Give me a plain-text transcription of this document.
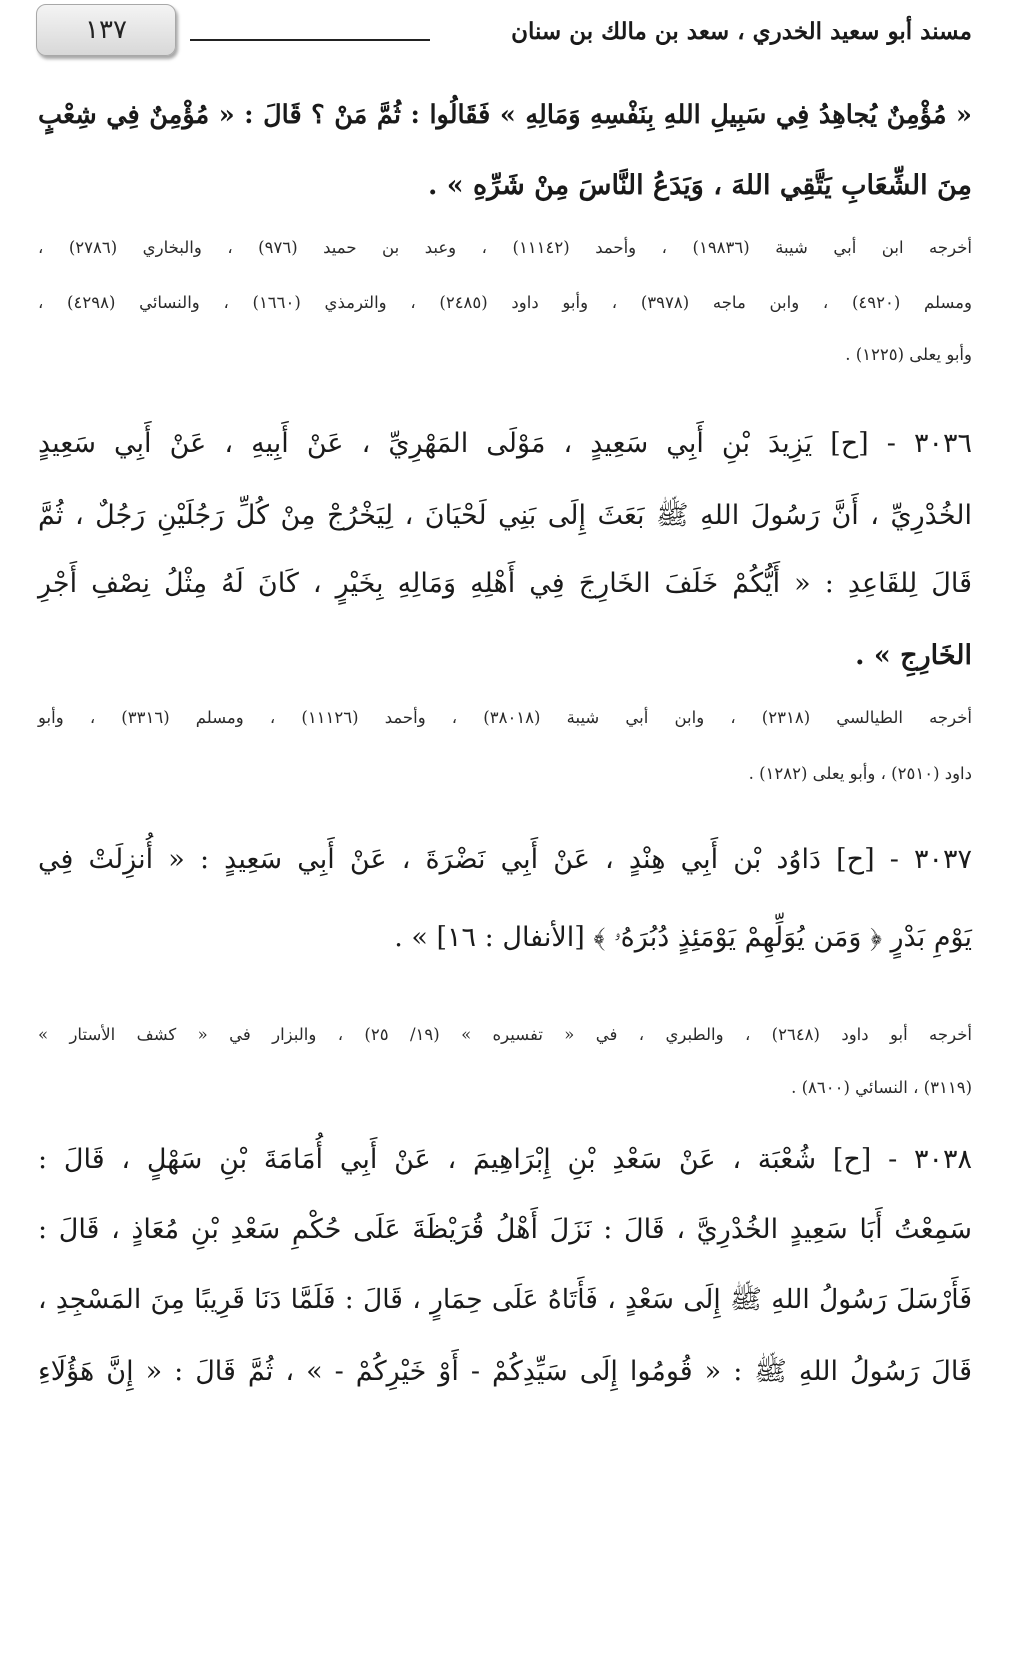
مسند أبو سعيد الخدري ، سعد بن مالك بن سنان
١٣٧
« مُؤْمِنٌ يُجاهِدُ فِي سَبِيلِ اللهِ بِنَفْسِهِ وَمَالِهِ » فَقَالُوا : ثُمَّ مَنْ ؟ قَالَ : « مُؤْمِنٌ فِي شِعْبٍ
مِنَ الشِّعَابِ يَتَّقِي اللهَ ، وَيَدَعُ النَّاسَ مِنْ شَرِّهِ » .
أخرجه ابن أبي شيبة (١٩٨٣٦) ، وأحمد (١١١٤٢) ، وعبد بن حميد (٩٧٦) ، والبخاري (٢٧٨٦) ،
ومسلم (٤٩٢٠) ، وابن ماجه (٣٩٧٨) ، وأبو داود (٢٤٨٥) ، والترمذي (١٦٦٠) ، والنسائي (٤٢٩٨) ،
وأبو يعلى (١٢٢٥) .
٣٠٣٦ - [ح] يَزِيدَ بْنِ أَبِي سَعِيدٍ ، مَوْلَى المَهْرِيِّ ، عَنْ أَبِيهِ ، عَنْ أَبِي سَعِيدٍ
الخُدْرِيِّ ، أَنَّ رَسُولَ اللهِ ﷺ بَعَثَ إِلَى بَنِي لَحْيَانَ ، لِيَخْرُجْ مِنْ كُلِّ رَجُلَيْنِ رَجُلٌ ، ثُمَّ
قَالَ لِلقَاعِدِ : « أَيُّكُمْ خَلَفَ الخَارِجَ فِي أَهْلِهِ وَمَالِهِ بِخَيْرٍ ، كَانَ لَهُ مِثْلُ نِصْفِ أَجْرِ
الخَارِجِ » .
أخرجه الطيالسي (٢٣١٨) ، وابن أبي شيبة (٣٨٠١٨) ، وأحمد (١١١٢٦) ، ومسلم (٣٣١٦) ، وأبو
داود (٢٥١٠) ، وأبو يعلى (١٢٨٢) .
٣٠٣٧ - [ح] دَاوُد بْن أَبِي هِنْدٍ ، عَنْ أَبِي نَضْرَةَ ، عَنْ أَبِي سَعِيدٍ : « أُنزِلَتْ فِي
يَوْمِ بَدْرٍ ﴿ وَمَن يُوَلِّهِمْ يَوْمَئِذٍ دُبُرَهُۥ ﴾ [الأنفال : ١٦] » .
أخرجه أبو داود (٢٦٤٨) ، والطبري ، في « تفسيره » (١٩/ ٢٥) ، والبزار في « كشف الأستار »
(٣١١٩) ، النسائي (٨٦٠٠) .
٣٠٣٨ - [ح] شُعْبَة ، عَنْ سَعْدِ بْنِ إِبْرَاهِيمَ ، عَنْ أَبِي أُمَامَةَ بْنِ سَهْلٍ ، قَالَ :
سَمِعْتُ أَبَا سَعِيدٍ الخُدْرِيَّ ، قَالَ : نَزَلَ أَهْلُ قُرَيْظَةَ عَلَى حُكْمِ سَعْدِ بْنِ مُعَاذٍ ، قَالَ :
فَأَرْسَلَ رَسُولُ اللهِ ﷺ إِلَى سَعْدٍ ، فَأَتَاهُ عَلَى حِمَارٍ ، قَالَ : فَلَمَّا دَنَا قَرِيبًا مِنَ المَسْجِدِ ،
قَالَ رَسُولُ اللهِ ﷺ : « قُومُوا إِلَى سَيِّدِكُمْ - أَوْ خَيْرِكُمْ - » ، ثُمَّ قَالَ : « إِنَّ هَؤُلَاءِ
